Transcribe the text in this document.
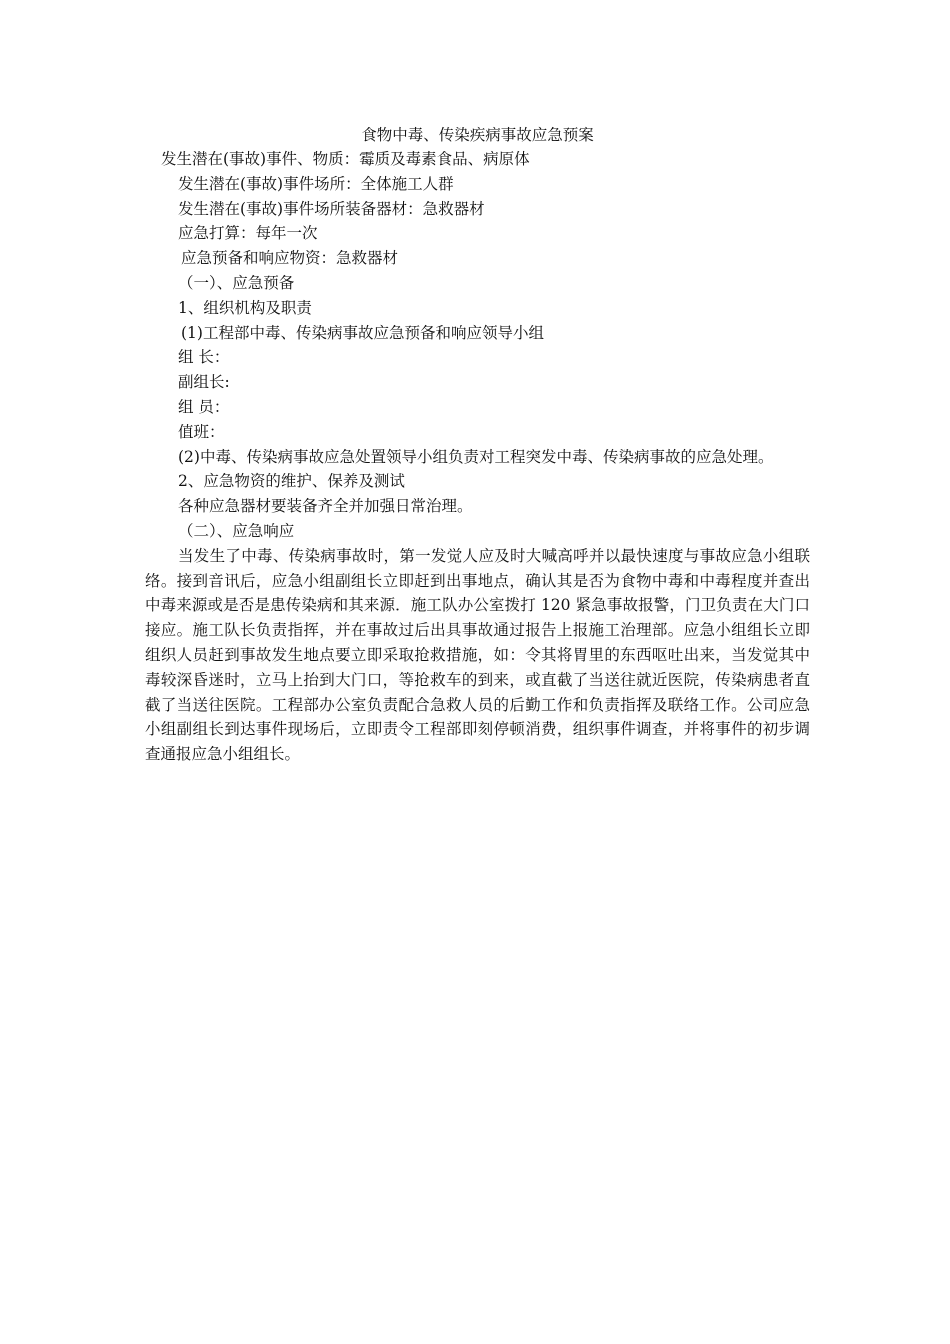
食物中毒、传染疾病事故应急预案

发生潜在(事故)事件、物质：霉质及毒素食品、病原体

发生潜在(事故)事件场所：全体施工人群

发生潜在(事故)事件场所装备器材：急救器材

应急打算：每年一次

应急预备和响应物资：急救器材

（一）、应急预备

1、组织机构及职责

(1)工程部中毒、传染病事故应急预备和响应领导小组

组 长：

副组长:

组 员：

值班：

(2)中毒、传染病事故应急处置领导小组负责对工程突发中毒、传染病事故的应急处理。

2、应急物资的维护、保养及测试

各种应急器材要装备齐全并加强日常治理。

（二）、应急响应

当发生了中毒、传染病事故时，第一发觉人应及时大喊高呼并以最快速度与事故应急小组联络。接到音讯后，应急小组副组长立即赶到出事地点，确认其是否为食物中毒和中毒程度并查出中毒来源或是否是患传染病和其来源．施工队办公室拨打 120 紧急事故报警，门卫负责在大门口接应。施工队长负责指挥，并在事故过后出具事故通过报告上报施工治理部。应急小组组长立即组织人员赶到事故发生地点要立即采取抢救措施，如：令其将胃里的东西呕吐出来，当发觉其中毒较深昏迷时，立马上抬到大门口，等抢救车的到来，或直截了当送往就近医院，传染病患者直截了当送往医院。工程部办公室负责配合急救人员的后勤工作和负责指挥及联络工作。公司应急小组副组长到达事件现场后，立即责令工程部即刻停顿消费，组织事件调查，并将事件的初步调查通报应急小组组长。
